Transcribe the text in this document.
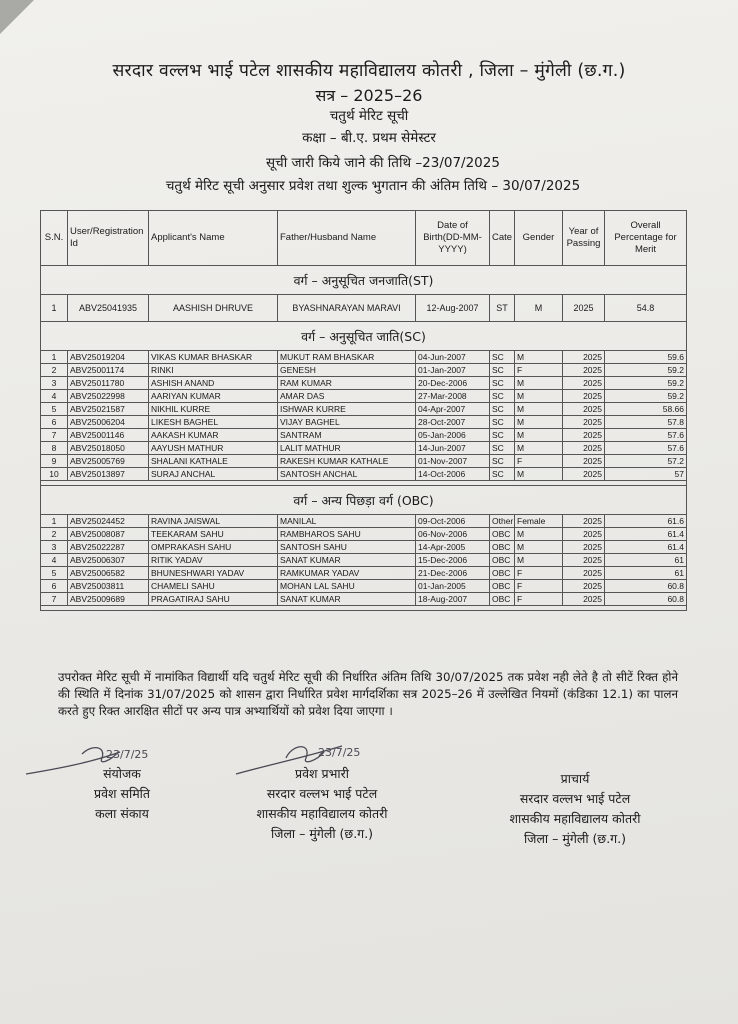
सरदार वल्लभ भाई पटेल शासकीय महाविद्यालय कोतरी , जिला – मुंगेली (छ.ग.)
सत्र – 2025–26
चतुर्थ मेरिट सूची
कक्षा – बी.ए. प्रथम सेमेस्टर
सूची जारी किये जाने की तिथि –23/07/2025
चतुर्थ मेरिट सूची अनुसार प्रवेश तथा शुल्क भुगतान की अंतिम तिथि – 30/07/2025
S.N.	User/Registration Id	Applicant's Name	Father/Husband Name	Date of Birth(DD-MM-YYYY)	Cate	Gender	Year of Passing	Overall Percentage for Merit
वर्ग – अनुसूचित जनजाति(ST)								
1	ABV25041935	AASHISH DHRUVE	BYASHNARAYAN MARAVI	12-Aug-2007	ST	M	2025	54.8
वर्ग – अनुसूचित जाति(SC)								
1	ABV25019204	VIKAS KUMAR BHASKAR	MUKUT RAM BHASKAR	04-Jun-2007	SC	M	2025	59.6
2	ABV25001174	RINKI	GENESH	01-Jan-2007	SC	F	2025	59.2
3	ABV25011780	ASHISH ANAND	RAM KUMAR	20-Dec-2006	SC	M	2025	59.2
4	ABV25022998	AARIYAN KUMAR	AMAR DAS	27-Mar-2008	SC	M	2025	59.2
5	ABV25021587	NIKHIL KURRE	ISHWAR KURRE	04-Apr-2007	SC	M	2025	58.66
6	ABV25006204	LIKESH BAGHEL	VIJAY BAGHEL	28-Oct-2007	SC	M	2025	57.8
7	ABV25001146	AAKASH KUMAR	SANTRAM	05-Jan-2006	SC	M	2025	57.6
8	ABV25018050	AAYUSH MATHUR	LALIT MATHUR	14-Jun-2007	SC	M	2025	57.6
9	ABV25005769	SHALANI KATHALE	RAKESH KUMAR KATHALE	01-Nov-2007	SC	F	2025	57.2
10	ABV25013897	SURAJ ANCHAL	SANTOSH ANCHAL	14-Oct-2006	SC	M	2025	57

वर्ग – अन्य पिछड़ा वर्ग (OBC)								
1	ABV25024452	RAVINA JAISWAL	MANILAL	09-Oct-2006	Other	Female	2025	61.6
2	ABV25008087	TEEKARAM SAHU	RAMBHAROS SAHU	06-Nov-2006	OBC	M	2025	61.4
3	ABV25022287	OMPRAKASH SAHU	SANTOSH SAHU	14-Apr-2005	OBC	M	2025	61.4
4	ABV25006307	RITIK YADAV	SANAT KUMAR	15-Dec-2006	OBC	M	2025	61
5	ABV25006582	BHUNESHWARI YADAV	RAMKUMAR YADAV	21-Dec-2006	OBC	F	2025	61
6	ABV25003811	CHAMELI SAHU	MOHAN LAL SAHU	01-Jan-2005	OBC	F	2025	60.8
7	ABV25009689	PRAGATIRAJ SAHU	SANAT KUMAR	18-Aug-2007	OBC	F	2025	60.8

उपरोक्त मेरिट सूची में नामांकित विद्यार्थी यदि चतुर्थ मेरिट सूची की निर्धारित अंतिम तिथि 30/07/2025 तक प्रवेश नही लेते है तो सीटें रिक्त होने की स्थिति में दिनांक 31/07/2025 को शासन द्वारा निर्धारित प्रवेश मार्गदर्शिका सत्र 2025–26 में उल्लेखित नियमों (कंडिका 12.1) का पालन करते हुए रिक्त आरक्षित सीटों पर अन्य पात्र अभ्यार्थियों को प्रवेश दिया जाएगा ।
23/7/25	23/7/25
संयोजक
प्रवेश समिति
कला संकाय
प्रवेश प्रभारी
सरदार वल्लभ भाई पटेल
शासकीय महाविद्यालय कोतरी
जिला – मुंगेली (छ.ग.)
प्राचार्य
सरदार वल्लभ भाई पटेल
शासकीय महाविद्यालय कोतरी
जिला – मुंगेली (छ.ग.)
